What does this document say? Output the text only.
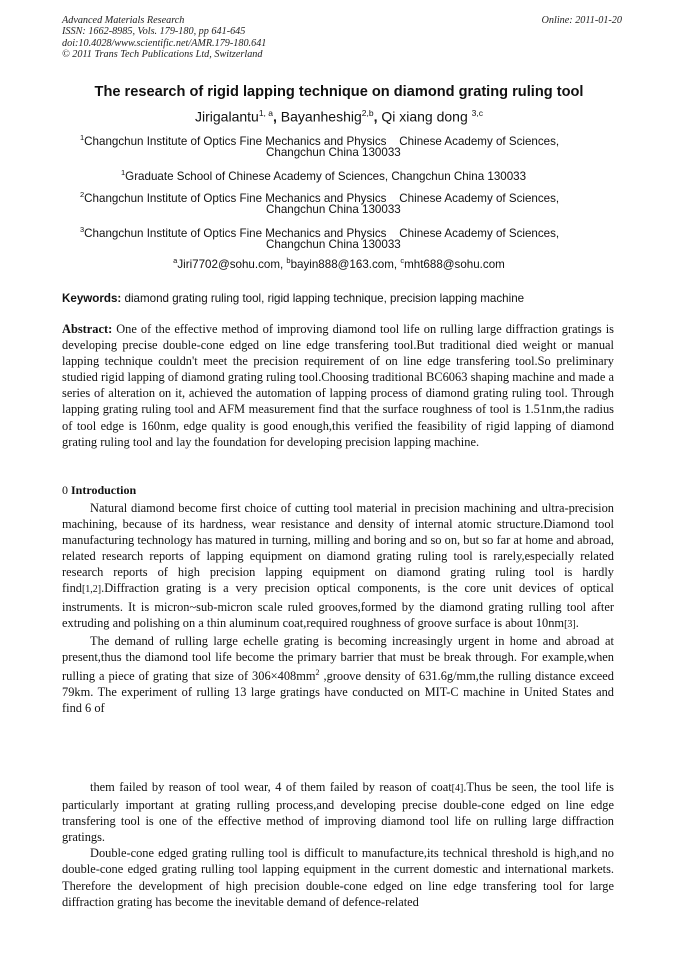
Advanced Materials Research
ISSN: 1662-8985, Vols. 179-180, pp 641-645
doi:10.4028/www.scientific.net/AMR.179-180.641
© 2011 Trans Tech Publications Ltd, Switzerland
Online: 2011-01-20
The research of rigid lapping technique on diamond grating ruling tool
Jirigalantu$^{1, a}$, Bayanheshig$^{2,b}$, Qi xiang dong $^{3,c}$
$^1$Changchun Institute of Optics Fine Mechanics and Physics    Chinese Academy of Sciences,
Changchun China 130033
$^1$Graduate School of Chinese Academy of Sciences, Changchun China 130033
$^2$Changchun Institute of Optics Fine Mechanics and Physics    Chinese Academy of Sciences,
Changchun China 130033
$^3$Changchun Institute of Optics Fine Mechanics and Physics    Chinese Academy of Sciences,
Changchun China 130033
$^a$Jiri7702@sohu.com, $^b$bayin888@163.com, $^c$mht688@sohu.com
Keywords: diamond grating ruling tool, rigid lapping technique, precision lapping machine

Abstract: One of the effective method of improving diamond tool life on rulling large diffraction gratings is developing precise double-cone edged on line edge transfering tool.But traditional died weight or manual lapping technique couldn't meet the precision requirement of on line edge transfering tool.So preliminary studied rigid lapping of diamond grating ruling tool.Choosing traditional BC6063 shaping machine and made a series of alteration on it, achieved the automation of lapping process of diamond grating ruling tool. Through lapping grating ruling tool and AFM measurement find that the surface roughness of tool is 1.51nm,the radius of tool edge is 160nm, edge quality is good enough,this verified the feasibility of rigid lapping of diamond grating ruling tool and lay the foundation for developing precision lapping machine.

0 Introduction

Natural diamond become first choice of cutting tool material in precision machining and ultra-precision machining, because of its hardness, wear resistance and density of internal atomic structure.Diamond tool manufacturing technology has matured in turning, milling and boring and so on, but so far at home and abroad, related research reports of lapping equipment on diamond grating ruling tool is rarely,especially related research reports of high precision lapping equipment on diamond grating ruling tool is hardly find[1,2].Diffraction grating is a very precision optical components, is the core unit devices of optical instruments. It is micron~sub-micron scale ruled grooves,formed by the diamond grating rulling tool after extruding and polishing on a thin aluminum coat,required roughness of groove surface is about 10nm[3].

The demand of rulling large echelle grating is becoming increasingly urgent in home and abroad at present,thus the diamond tool life become the primary barrier that must be break through. For example,when rulling a piece of grating that size of $306\times 408mm^2$ ,groove density of 631.6g/mm,the rulling distance exceed 79km. The experiment of rulling 13 large gratings have conducted on MIT-C machine in United States and find 6 of

them failed by reason of tool wear, 4 of them failed by reason of coat[4].Thus be seen, the tool life is particularly important at grating rulling process,and developing precise double-cone edged on line edge transfering tool is one of the effective method of improving diamond tool life on rulling large diffraction gratings.

Double-cone edged grating rulling tool is difficult to manufacture,its technical threshold is high,and no double-cone edged grating rulling tool lapping equipment in the current domestic and international markets. Therefore the development of high precision double-cone edged on line edge transfering tool for large diffraction grating has become the inevitable demand of defence-related
